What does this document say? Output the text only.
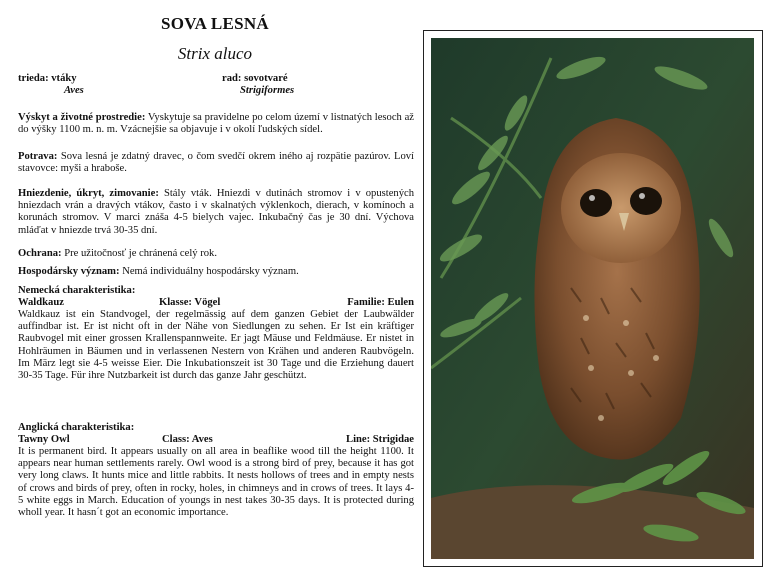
SOVA LESNÁ
Strix aluco
trieda: vtáky	rad: sovotvaré
Aves	Strigiformes
Výskyt a životné prostredie: Vyskytuje sa pravidelne po celom území v listnatých lesoch až do výšky 1100 m. n. m. Vzácnejšie sa objavuje i v okolí ľudských sídel.
Potrava: Sova lesná je zdatný dravec, o čom svedčí okrem iného aj rozpätie pazúrov. Loví stavovce: myši a hraboše.
Hniezdenie, úkryt, zimovanie: Stály vták. Hniezdi v dutinách stromov i v opustených hniezdach vrán a dravých vtákov, často i v skalnatých výklenkoch, dierach, v komínoch a korunách stromov. V marci znáša 4-5 bielych vajec. Inkubačný čas je 30 dní. Výchova mláďat v hniezde trvá 30-35 dní.
Ochrana: Pre užitočnosť je chránená celý rok.
Hospodársky význam: Nemá individuálny hospodársky význam.
Nemecká charakteristika:
Waldkauz	Klasse: Vögel	Familie: Eulen
Waldkauz ist ein Standvogel, der regelmässig auf dem ganzen Gebiet der Laubwälder auffindbar ist. Er ist nicht oft in der Nähe von Siedlungen zu sehen. Er Ist ein kräftiger Raubvogel mit einer grossen Krallenspannweite. Er jagt Mäuse und Feldmäuse. Er nistet in Hohlräumen in Bäumen und in verlassenen Nestern von Krähen und anderen Raubvögeln. Im März legt sie 4-5 weisse Eier. Die Inkubationszeit ist 30 Tage und die Erziehung dauert 30-35 Tage. Für ihre Nutzbarkeit ist durch das ganze Jahr geschützt.
Anglická charakteristika:
Tawny Owl	Class: Aves	Line: Strigidae
It is permanent bird. It appears usually on all area in beaflike wood till the height 1100. It appears near human settlements rarely. Owl wood is a strong bird of prey, because it has got very long claws. It hunts mice and little rabbits. It nests hollows of trees and in empty nests of crows and birds of prey, often in rocky, holes, in chimneys and in crows of trees. It lays 4-5 white eggs in March. Education of youngs in nest takes 30-35 days. It is protected during wholl year. It hasn´t got an economic importance.
